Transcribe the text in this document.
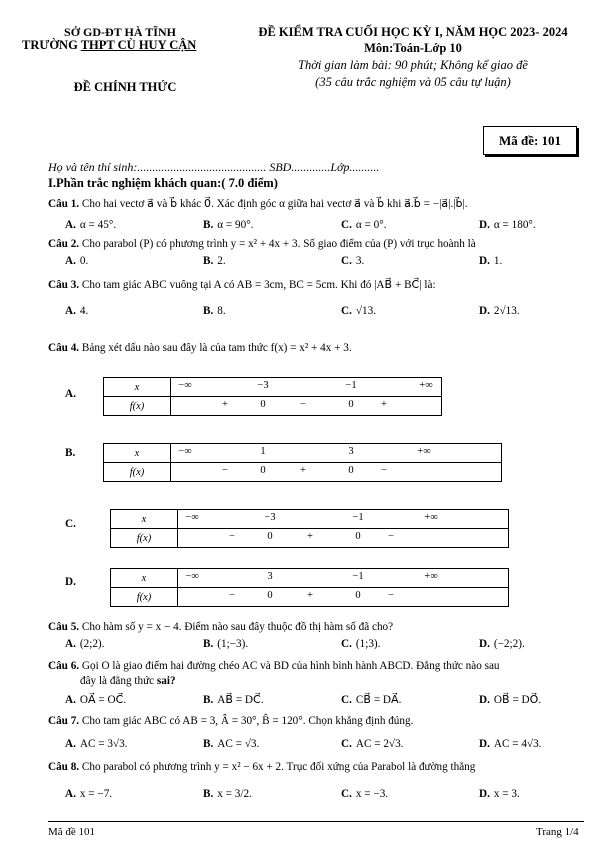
SỞ GD-ĐT HÀ TĨNH
TRƯỜNG THPT CÙ HUY CẬN
ĐỀ CHÍNH THỨC
ĐỀ KIỂM TRA CUỐI HỌC KỲ I, NĂM HỌC 2023- 2024
Môn:Toán-Lớp 10
Thời gian làm bài: 90 phút; Không kể giao đề
(35 câu trắc nghiệm và 05 câu tự luận)
Mã đề: 101
Họ và tên thí sinh:........................................... SBD.............Lớp..........
I.Phần trắc nghiệm khách quan:( 7.0 điểm)
Câu 1. Cho hai vectơ a⃗ và b⃗ khác 0⃗. Xác định góc α giữa hai vectơ a⃗ và b⃗ khi a⃗.b⃗ = −|a⃗|.|b⃗|.
A. α = 45°.	B. α = 90°.	C. α = 0°.	D. α = 180°.
Câu 2. Cho parabol (P) có phương trình y = x² + 4x + 3. Số giao điểm của (P) với trục hoành là
A. 0.	B. 2.	C. 3.	D. 1.
Câu 3. Cho tam giác ABC vuông tại A có AB = 3cm, BC = 5cm. Khi đó |AB⃗ + BC⃗| là:
A. 4.	B. 8.	C. √13.	D. 2√13.
Câu 4. Bảng xét dấu nào sau đây là của tam thức f(x) = x² + 4x + 3.
A.
x	−∞ −3 −1 +∞

f(x)	+ 0 − 0 +
B.	x	−∞ 1 3 +∞

f(x)	− 0 + 0 −
C.	x	−∞ −3 −1 +∞

f(x)	− 0 + 0 −
D.	x	−∞ 3 −1 +∞

f(x)	− 0 + 0 −
Câu 5. Cho hàm số y = x − 4. Điểm nào sau đây thuộc đồ thị hàm số đã cho?
A. (2;2).	B. (1;−3).	C. (1;3).	D. (−2;2).
Câu 6. Gọi O là giao điểm hai đường chéo AC và BD của hình bình hành ABCD. Đẳng thức nào sau
đây là đẳng thức sai?
A. OA⃗ = OC⃗.	B. AB⃗ = DC⃗.	C. CB⃗ = DA⃗.	D. OB⃗ = DO⃗.
Câu 7. Cho tam giác ABC có AB = 3, Â = 30°, B̂ = 120°. Chọn khẳng định đúng.
A. AC = 3√3.	B. AC = √3.	C. AC = 2√3.	D. AC = 4√3.
Câu 8. Cho parabol có phương trình y = x² − 6x + 2. Trục đối xứng của Parabol là đường thẳng
A. x = −7.	B. x = 3/2.	C. x = −3.	D. x = 3.
Mã đề 101	Trang 1/4
